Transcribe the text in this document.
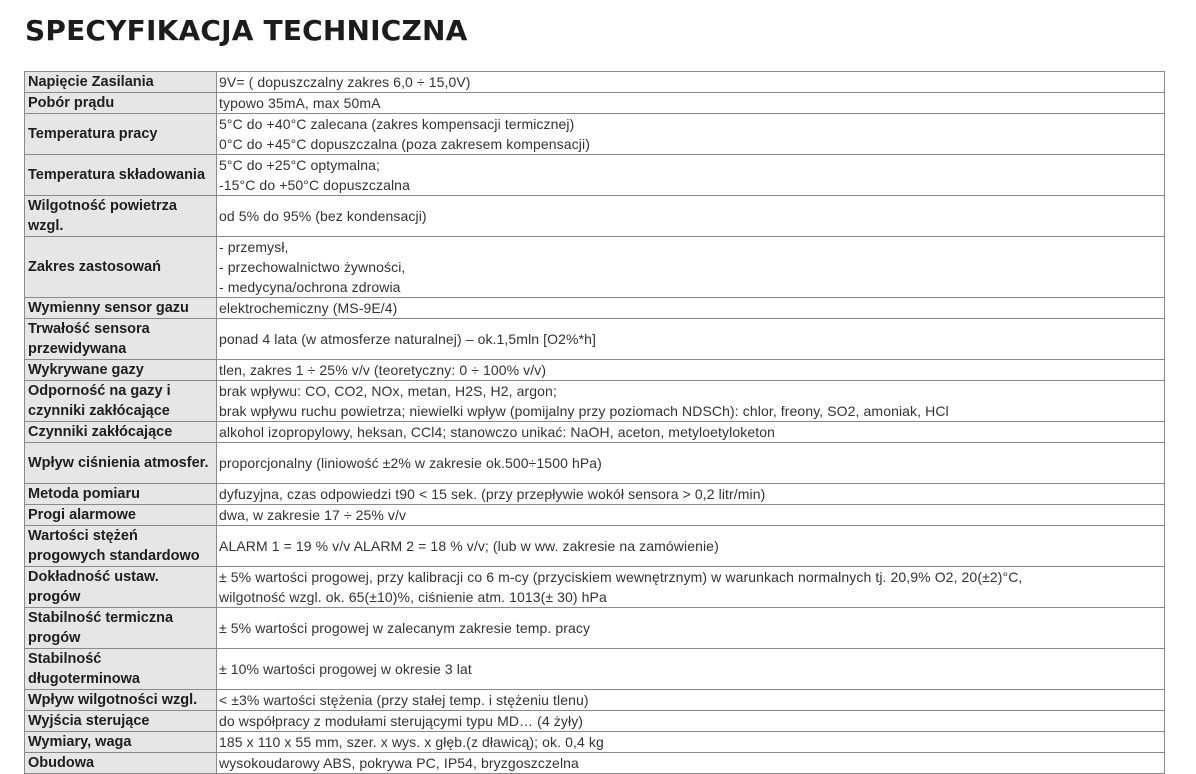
SPECYFIKACJA TECHNICZNA
Napięcie Zasilania	9V= ( dopuszczalny zakres 6,0 ÷ 15,0V)

Pobór prądu	typowo 35mA, max 50mA

Temperatura pracy	5°C do +40°C zalecana (zakres kompensacji termicznej)
0°C do +45°C dopuszczalna (poza zakresem kompensacji)

Temperatura składowania	5°C do +25°C optymalna;
-15°C do +50°C dopuszczalna

Wilgotność powietrza wzgl.	od 5% do 95% (bez kondensacji)

Zakres zastosowań	- przemysł,
- przechowalnictwo żywności,
- medycyna/ochrona zdrowia

Wymienny sensor gazu	elektrochemiczny (MS-9E/4)

Trwałość sensora przewidywana	ponad 4 lata (w atmosferze naturalnej) – ok.1,5mln [O2%*h]

Wykrywane gazy	tlen, zakres 1 ÷ 25% v/v (teoretyczny: 0 ÷ 100% v/v)

Odporność na gazy i czynniki zakłócające	brak wpływu: CO, CO2, NOx, metan, H2S, H2, argon;
brak wpływu ruchu powietrza; niewielki wpływ (pomijalny przy poziomach NDSCh): chlor, freony, SO2, amoniak, HCl

Czynniki zakłócające	alkohol izopropylowy, heksan, CCl4; stanowczo unikać: NaOH, aceton, metyloetyloketon

Wpływ ciśnienia atmosfer.	proporcjonalny (liniowość ±2% w zakresie ok.500÷1500 hPa)

Metoda pomiaru	dyfuzyjna, czas odpowiedzi t90 < 15 sek. (przy przepływie wokół sensora > 0,2 litr/min)

Progi alarmowe	dwa, w zakresie 17 ÷ 25% v/v

Wartości stężeń progowych standardowo	ALARM 1 = 19 % v/v ALARM 2 = 18 % v/v; (lub w ww. zakresie na zamówienie)

Dokładność ustaw. progów	± 5% wartości progowej, przy kalibracji co 6 m-cy (przyciskiem wewnętrznym) w warunkach normalnych tj. 20,9% O2, 20(±2)°C,
wilgotność wzgl. ok. 65(±10)%, ciśnienie atm. 1013(± 30) hPa

Stabilność termiczna progów	± 5% wartości progowej w zalecanym zakresie temp. pracy

Stabilność długoterminowa	± 10% wartości progowej w okresie 3 lat

Wpływ wilgotności wzgl.	< ±3% wartości stężenia (przy stałej temp. i stężeniu tlenu)

Wyjścia sterujące	do współpracy z modułami sterującymi typu MD… (4 żyły)

Wymiary, waga	185 x 110 x 55 mm, szer. x wys. x głęb.(z dławicą); ok. 0,4 kg

Obudowa	wysokoudarowy ABS, pokrywa PC, IP54, bryzgoszczelna
